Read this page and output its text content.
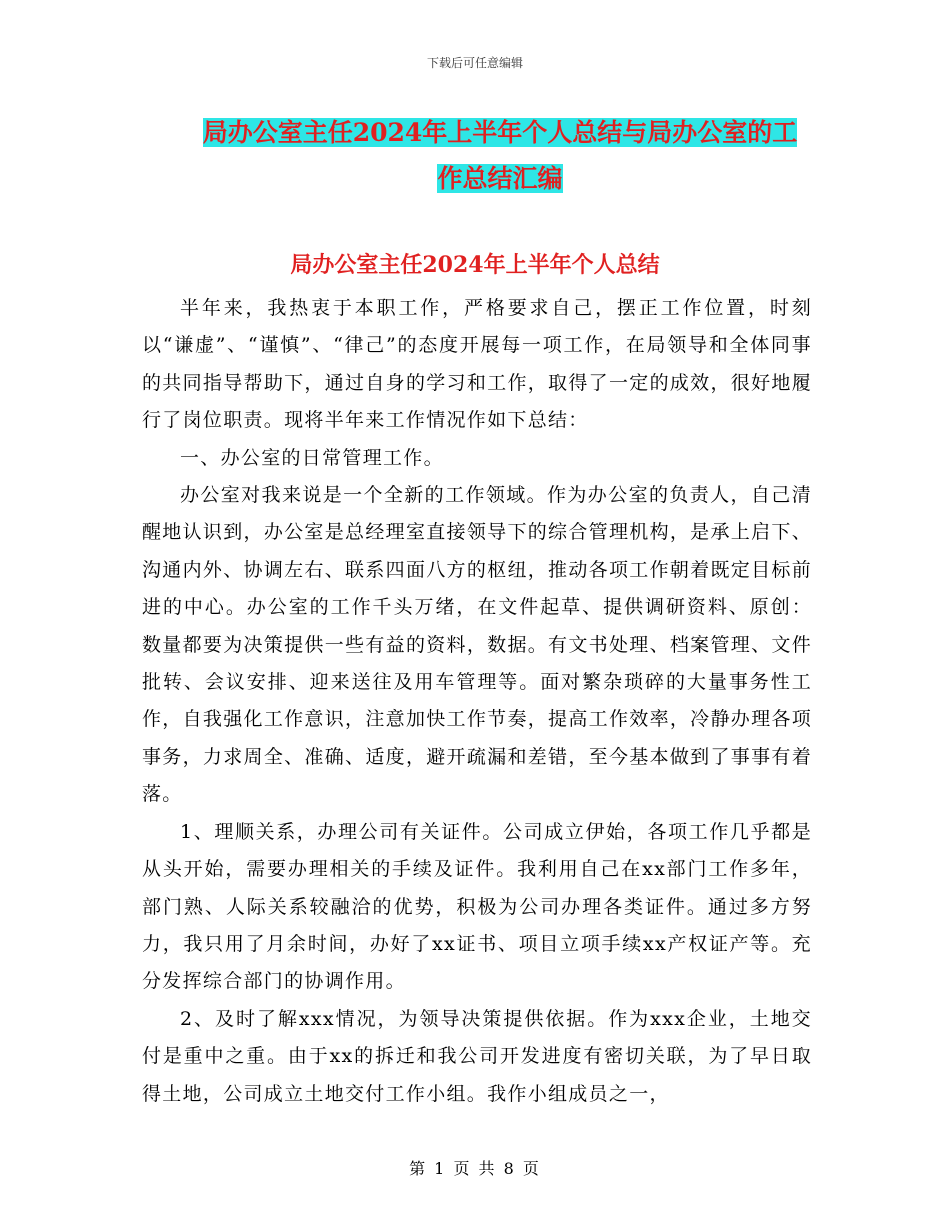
下载后可任意编辑
局办公室主任2024年上半年个人总结与局办公室的工
作总结汇编
局办公室主任2024年上半年个人总结

半年来，我热衷于本职工作，严格要求自己，摆正工作位置，时刻以“谦虚”、“谨慎”、“律己”的态度开展每一项工作，在局领导和全体同事的共同指导帮助下，通过自身的学习和工作，取得了一定的成效，很好地履行了岗位职责。现将半年来工作情况作如下总结：

一、办公室的日常管理工作。

办公室对我来说是一个全新的工作领域。作为办公室的负责人，自己清醒地认识到，办公室是总经理室直接领导下的综合管理机构，是承上启下、沟通内外、协调左右、联系四面八方的枢纽，推动各项工作朝着既定目标前进的中心。办公室的工作千头万绪，在文件起草、提供调研资料、原创： 数量都要为决策提供一些有益的资料，数据。有文书处理、档案管理、文件批转、会议安排、迎来送往及用车管理等。面对繁杂琐碎的大量事务性工作，自我强化工作意识，注意加快工作节奏，提高工作效率，冷静办理各项事务，力求周全、准确、适度，避开疏漏和差错，至今基本做到了事事有着落。

1、理顺关系，办理公司有关证件。公司成立伊始，各项工作几乎都是从头开始，需要办理相关的手续及证件。我利用自己在xx部门工作多年，部门熟、人际关系较融洽的优势，积极为公司办理各类证件。通过多方努力，我只用了月余时间，办好了xx证书、项目立项手续xx产权证产等。充分发挥综合部门的协调作用。

2、及时了解xxx情况，为领导决策提供依据。作为xxx企业，土地交付是重中之重。由于xx的拆迁和我公司开发进度有密切关联，为了早日取得土地，公司成立土地交付工作小组。我作小组成员之一，

第 1 页 共 8 页
